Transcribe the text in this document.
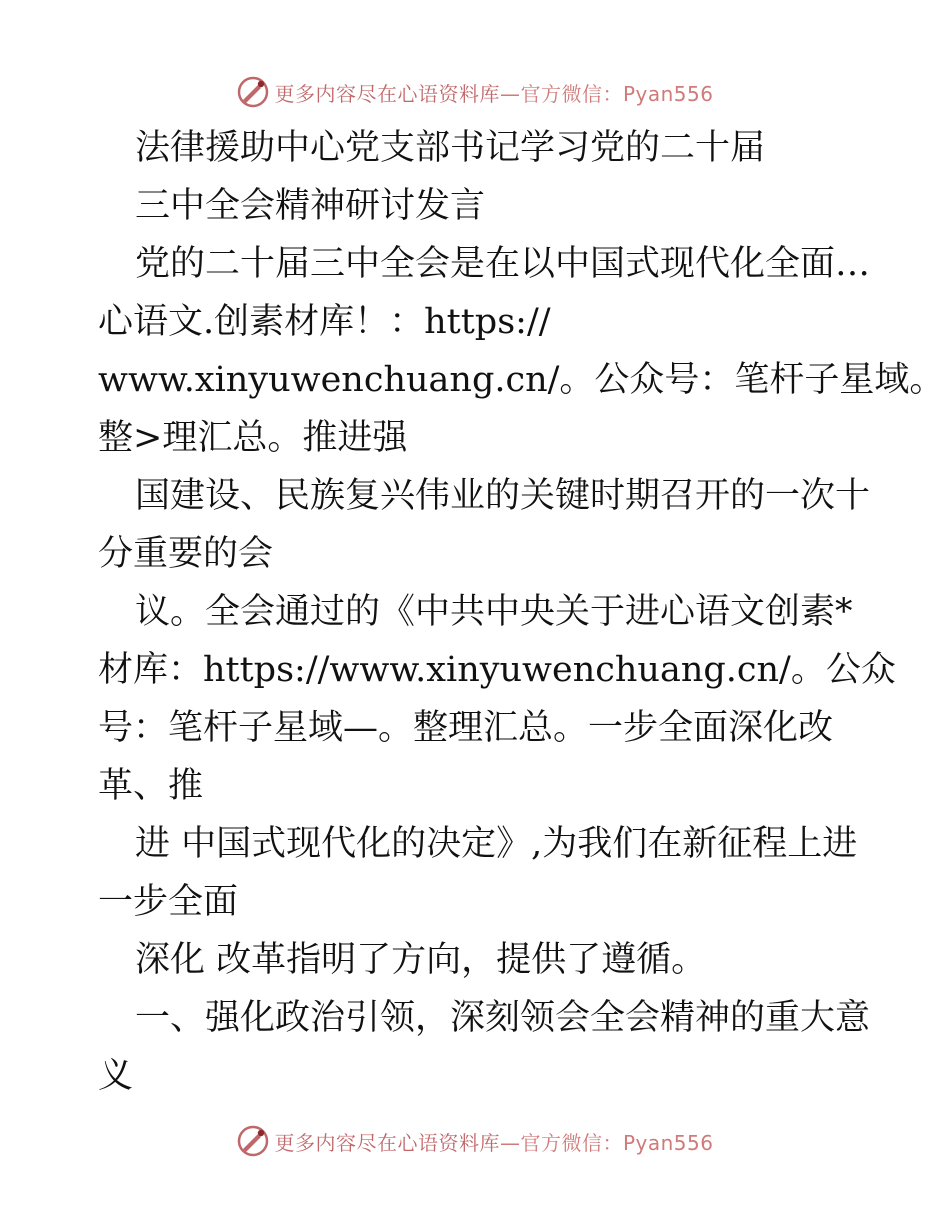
更多内容尽在心语资料库 —官方微信：Pyan556
法律援助中心党支部书记学习党的二十届
三中全会精神研讨发言
党的二十届三中全会是在以中国式现代化全面…
心语文.创素材库！：https://
www.xinyuwenchuang.cn/。公众号：笔杆子星域。
整>理汇总。推进强
国建设、民族复兴伟业的关键时期召开的一次十
分重要的会
议。全会通过的《中共中央关于进心语文创素*
材库：https://www.xinyuwenchuang.cn/。公众
号：笔杆子星域—。整理汇总。一步全面深化改
革、推
进 中国式现代化的决定》,为我们在新征程上进
一步全面
深化 改革指明了方向，提供了遵循。
一、强化政治引领，深刻领会全会精神的重大意
义
更多内容尽在心语资料库 —官方微信：Pyan556
